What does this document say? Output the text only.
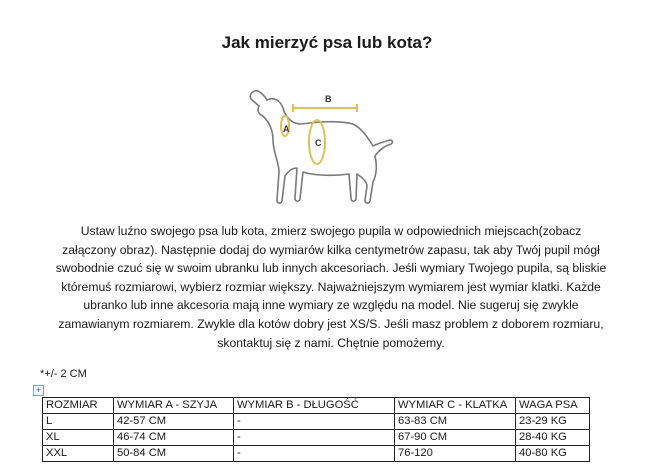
Jak mierzyć psa lub kota?
A
B
C
Ustaw luźno swojego psa lub kota, zmierz swojego pupila w odpowiednich miejscach(zobacz
załączony obraz). Następnie dodaj do wymiarów kilka centymetrów zapasu, tak aby Twój pupil mógł
swobodnie czuć się w swoim ubranku lub innych akcesoriach. Jeśli wymiary Twojego pupila, są bliskie
któremuś rozmiarowi, wybierz rozmiar większy. Najważniejszym wymiarem jest wymiar klatki. Każde
ubranko lub inne akcesoria mają inne wymiary ze względu na model. Nie sugeruj się zwykle
zamawianym rozmiarem. Zwykle dla kotów dobry jest XS/S. Jeśli masz problem z doborem rozmiaru,
skontaktuj się z nami. Chętnie pomożemy.
*+/- 2 CM
+
ROZMIAR	WYMIAR A - SZYJA	WYMIAR B - DŁUGOŚĆ	WYMIAR C - KLATKA	WAGA PSA
L	42-57 CM	-	63-83 CM	23-29 KG
XL	46-74 CM	-	67-90 CM	28-40 KG
XXL	50-84 CM	-	76-120	40-80 KG
